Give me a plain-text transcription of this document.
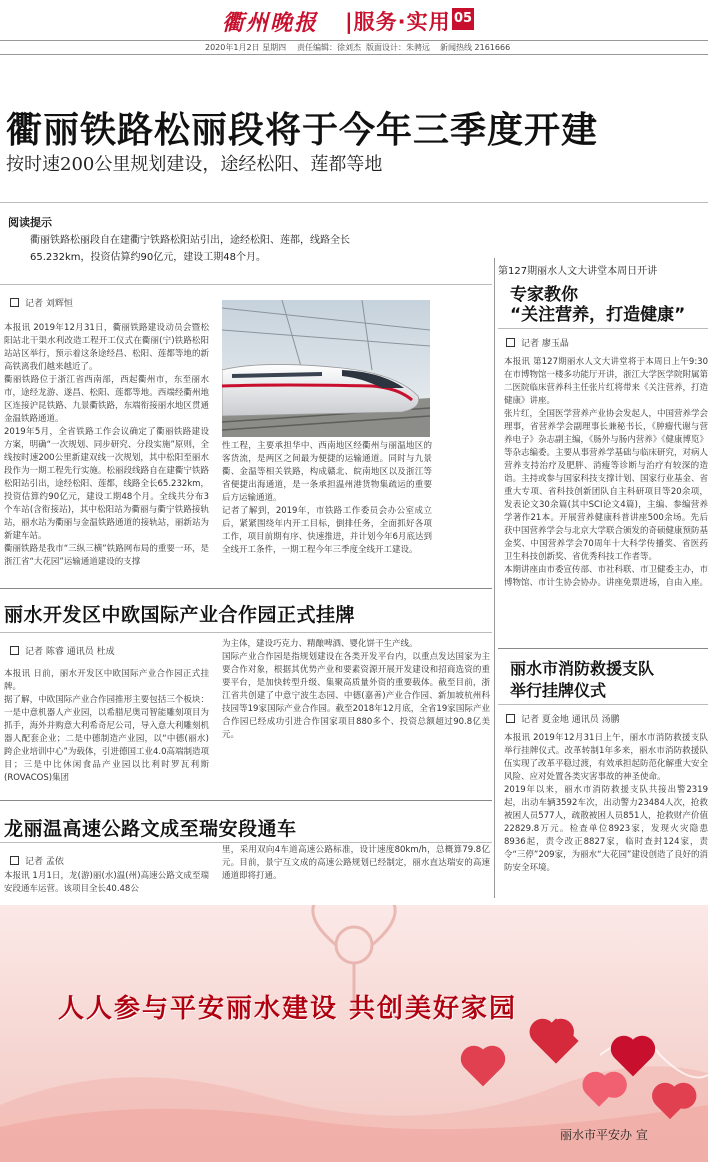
衢州晚报 |服务·实用 05
2020年1月2日 星期四 责任编辑：徐刘杰 版面设计：朱骋远 新闻热线 2161666
衢丽铁路松丽段将于今年三季度开建
按时速200公里规划建设，途经松阳、莲都等地
阅读提示
衢丽铁路松丽段自在建衢宁铁路松阳站引出，途经松阳、莲都，线路全长65.232km，投资估算约90亿元，建设工期48个月。
记者 刘辉恒
本报讯 2019年12月31日，衢丽铁路建设动员会暨松阳站北干渠水利改造工程开工仪式在衢丽(宁)铁路松阳站站区举行，预示着这条途经昌、松阳、莲都等地的新高铁离我们越来越近了。
衢丽铁路位于浙江省西南部，西起衢州市，东至丽水市，途经龙游、遂昌、松阳、莲都等地。西端经衢州地区连接沪昆铁路、九景衢铁路，东端衔接丽水地区贯通金温铁路通道。
2019年5月，全省铁路工作会议确定了衢丽铁路建设方案，明确“一次规划、同步研究、分段实施”原则，全线按时速200公里新建双线一次规划，其中松阳至丽水段作为一期工程先行实施。松丽段线路自在建衢宁铁路松阳站引出，途经松阳、莲都，线路全长65.232km，投资估算约90亿元，建设工期48个月。全线共分布3个车站(含衔接站)，其中松阳站为衢丽与衢宁铁路接轨站，丽水站为衢丽与金温铁路通道的接轨站，丽新站为新建车站。
衢丽铁路是我市“三纵三横”铁路网布局的重要一环，是浙江省“大花园”运输通道建设的支撑
性工程，主要承担华中、西南地区经衢州与丽温地区的客货流，是两区之间最为便捷的运输通道。同时与九景衢、金温等相关铁路，构成赣北、皖南地区以及浙江等省便捷出海通道，是一条承担温州港货物集疏运的重要后方运输通道。
记者了解到，2019年，市铁路工作委员会办公室成立后，紧紧围绕年内开工目标，倒排任务，全面抓好各项工作，项目前期有序、快速推进，并计划今年6月底达到全线开工条件，一期工程今年三季度全线开工建设。
丽水开发区中欧国际产业合作园正式挂牌
记者 陈睿 通讯员 杜成
本报讯 日前，丽水开发区中欧国际产业合作园正式挂牌。
据了解，中欧国际产业合作园推形主要包括三个板块：一是中意机器人产业园，以希腊尼奥司智能雕刻项目为抓手，海外并购意大利希奇尼公司，导入意大利雕刻机器人配套企业；二是中德制造产业园，以“中德(丽水)跨企业培训中心”为载体，引进德国工业4.0高端制造项目；三是中比休闲食品产业园以比利时罗瓦利斯(ROVACOS)集团
为主体，建设巧克力、精酿啤酒、婴化饼干生产线。
国际产业合作园是指规划建设在各类开发平台内，以重点发达国家为主要合作对象，根据其优势产业和要素资源开展开发建设和招商选资的重要平台，是加快转型升级、集聚高质量外资的重要载体。截至目前，浙江省共创建了中意宁波生态园、中德(嘉善)产业合作园、新加坡杭州科技园等19家国际产业合作园。截至2018年12月底，全省19家国际产业合作园已经成功引进合作国家项目880多个、投资总额超过90.8亿美元。
龙丽温高速公路文成至瑞安段通车
记者 孟依
本报讯 1月1日，龙(游)丽(水)温(州)高速公路文成至瑞安段通车运营。该项目全长40.48公
里，采用双向4车道高速公路标准，设计速度80km/h，总概算79.8亿元。目前，景宁互文成的高速公路规划已经制定，丽水直达瑞安的高速通道即将打通。
第127期丽水人文大讲堂本周日开讲
专家教你
“关注营养，打造健康”
记者 廖玉晶
本报讯 第127期丽水人文大讲堂将于本周日上午9:30在市博物馆一楼多功能厅开讲，浙江大学医学院附属第二医院临床营养科主任张片红将带来《关注营养，打造健康》讲座。
张片红，全国医学营养产业协会发起人，中国营养学会理事，省营养学会副理事长兼秘书长，《肿瘤代谢与营养电子》杂志副主编，《肠外与肠内营养》《健康博览》等杂志编委。主要从事营养学基础与临床研究，对病人营养支持治疗及肥胖、消瘦等诊断与治疗有较深的造诣。主持或参与国家科技支撑计划、国家行业基金、省重大专项、省科技创新团队自主科研项目等20余项，发表论文30余篇(其中SCI论文4篇)，主编、参编营养学著作21本。开展营养健康科普讲座500余场。先后获中国营养学会与北京大学联合颁发的奇硕健康预防基金奖、中国营养学会70周年十大科学传播奖、省医药卫生科技创新奖、省优秀科技工作者等。
本期讲座由市委宣传部、市社科联、市卫健委主办，市博物馆、市计生协会协办。讲座免票进场，自由入座。
丽水市消防救援支队
举行挂牌仪式
记者 夏金地 通讯员 汤鹏
本报讯 2019年12月31日上午，丽水市消防救援支队举行挂牌仪式。改革转制1年多来，丽水市消防救援队伍实现了改革平稳过渡，有效承担起防范化解重大安全风险、应对处置各类灾害事故的神圣使命。
2019年以来，丽水市消防救援支队共接出警2319起，出动车辆3592车次，出动警力23484人次，抢救被困人员577人，疏散被困人员851人，抢救财产价值22829.8万元。检查单位8923家，发现火灾隐患8936起，责令改正8827家，临时查封124家，责令“三停”209家，为丽水“大花园”建设创造了良好的消防安全环境。
人人参与平安丽水建设 共创美好家园
丽水市平安办 宣
